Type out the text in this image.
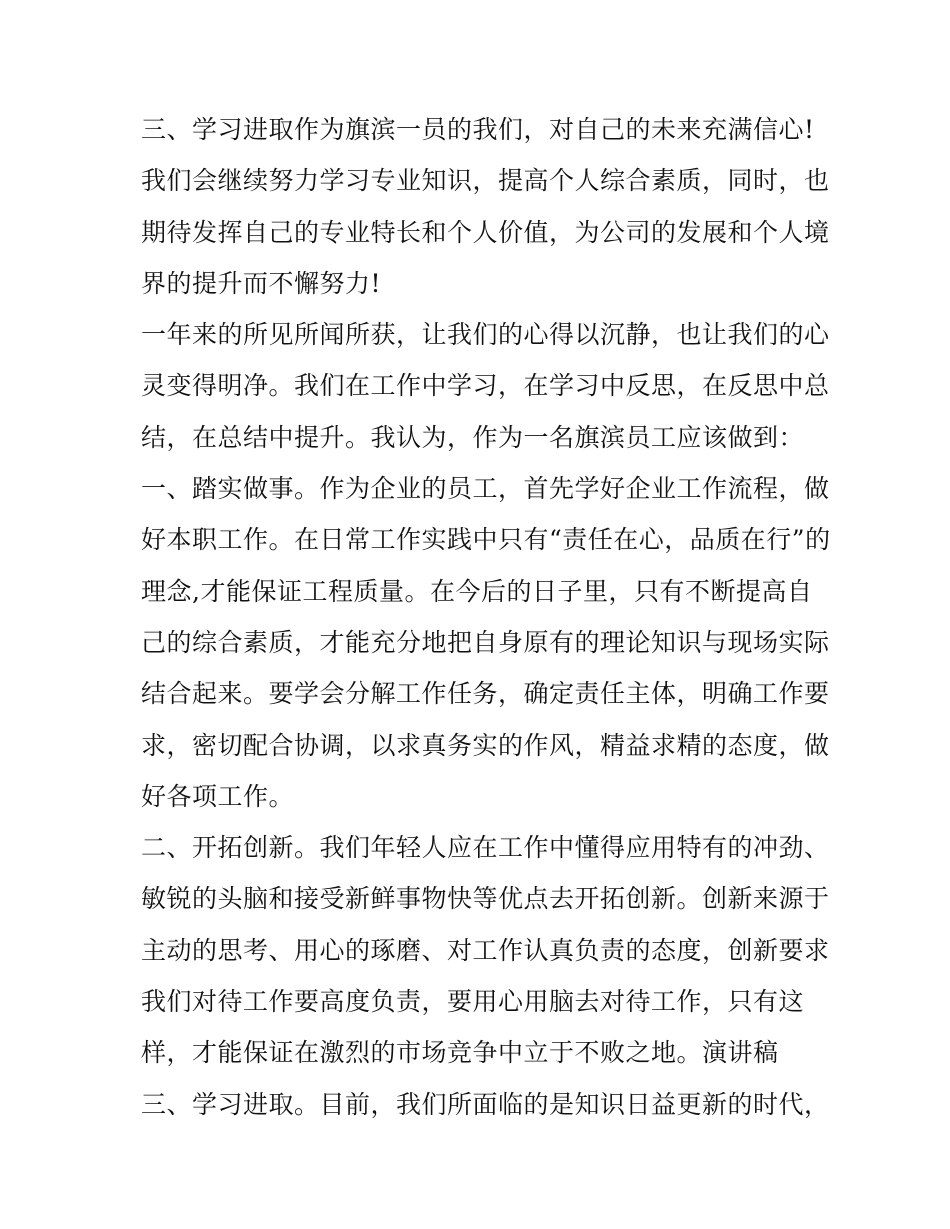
三、学习进取作为旗滨一员的我们，对自己的未来充满信心!
我们会继续努力学习专业知识，提高个人综合素质，同时，也
期待发挥自己的专业特长和个人价值，为公司的发展和个人境
界的提升而不懈努力!
一年来的所见所闻所获，让我们的心得以沉静，也让我们的心
灵变得明净。我们在工作中学习，在学习中反思，在反思中总
结，在总结中提升。我认为，作为一名旗滨员工应该做到：
一、踏实做事。作为企业的员工，首先学好企业工作流程，做
好本职工作。在日常工作实践中只有“责任在心，品质在行”的
理念,才能保证工程质量。在今后的日子里，只有不断提高自
己的综合素质，才能充分地把自身原有的理论知识与现场实际
结合起来。要学会分解工作任务，确定责任主体，明确工作要
求，密切配合协调，以求真务实的作风，精益求精的态度，做
好各项工作。
二、开拓创新。我们年轻人应在工作中懂得应用特有的冲劲、
敏锐的头脑和接受新鲜事物快等优点去开拓创新。创新来源于
主动的思考、用心的琢磨、对工作认真负责的态度，创新要求
我们对待工作要高度负责，要用心用脑去对待工作，只有这
样，才能保证在激烈的市场竞争中立于不败之地。演讲稿
三、学习进取。目前，我们所面临的是知识日益更新的时代，
